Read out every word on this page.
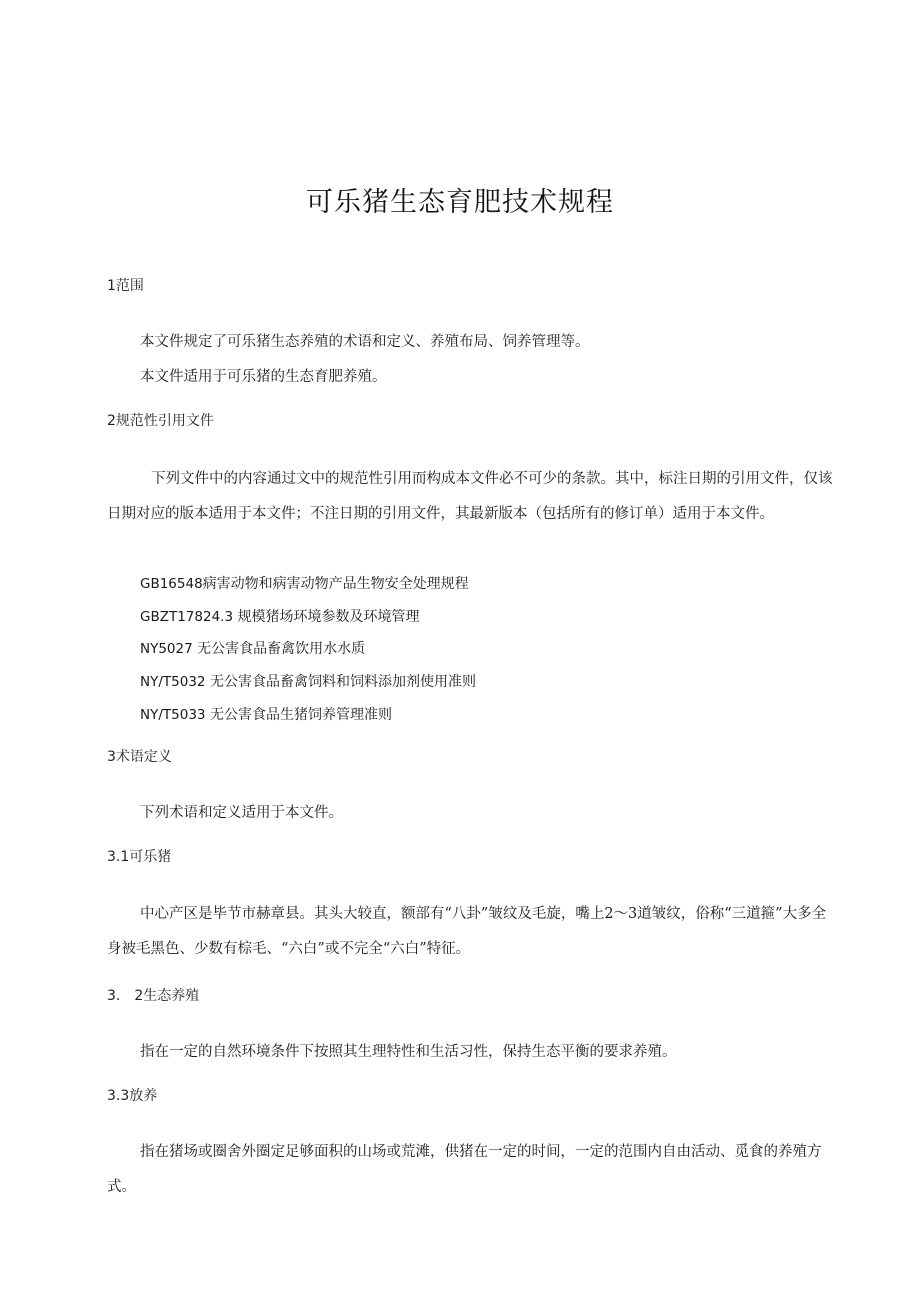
可乐猪生态育肥技术规程
1范围
本文件规定了可乐猪生态养殖的术语和定义、养殖布局、饲养管理等。
本文件适用于可乐猪的生态育肥养殖。
2规范性引用文件
下列文件中的内容通过文中的规范性引用而构成本文件必不可少的条款。其中，标注日期的引用文件，仅该日期对应的版本适用于本文件；不注日期的引用文件，其最新版本（包括所有的修订单）适用于本文件。
GB16548病害动物和病害动物产品生物安全处理规程
GBZT17824.3 规模猪场环境参数及环境管理
NY5027 无公害食品畜禽饮用水水质
NY/T5032 无公害食品畜禽饲料和饲料添加剂使用准则
NY/T5033 无公害食品生猪饲养管理准则
3术语定义
下列术语和定义适用于本文件。
3.1可乐猪
中心产区是毕节市赫章县。其头大较直，额部有“八卦”皱纹及毛旋，嘴上2～3道皱纹，俗称“三道箍”大多全身被毛黑色、少数有棕毛、“六白”或不完全“六白”特征。
3.　2生态养殖
指在一定的自然环境条件下按照其生理特性和生活习性，保持生态平衡的要求养殖。
3.3放养
指在猪场或圈舍外圈定足够面积的山场或荒滩，供猪在一定的时间，一定的范围内自由活动、觅食的养殖方式。
